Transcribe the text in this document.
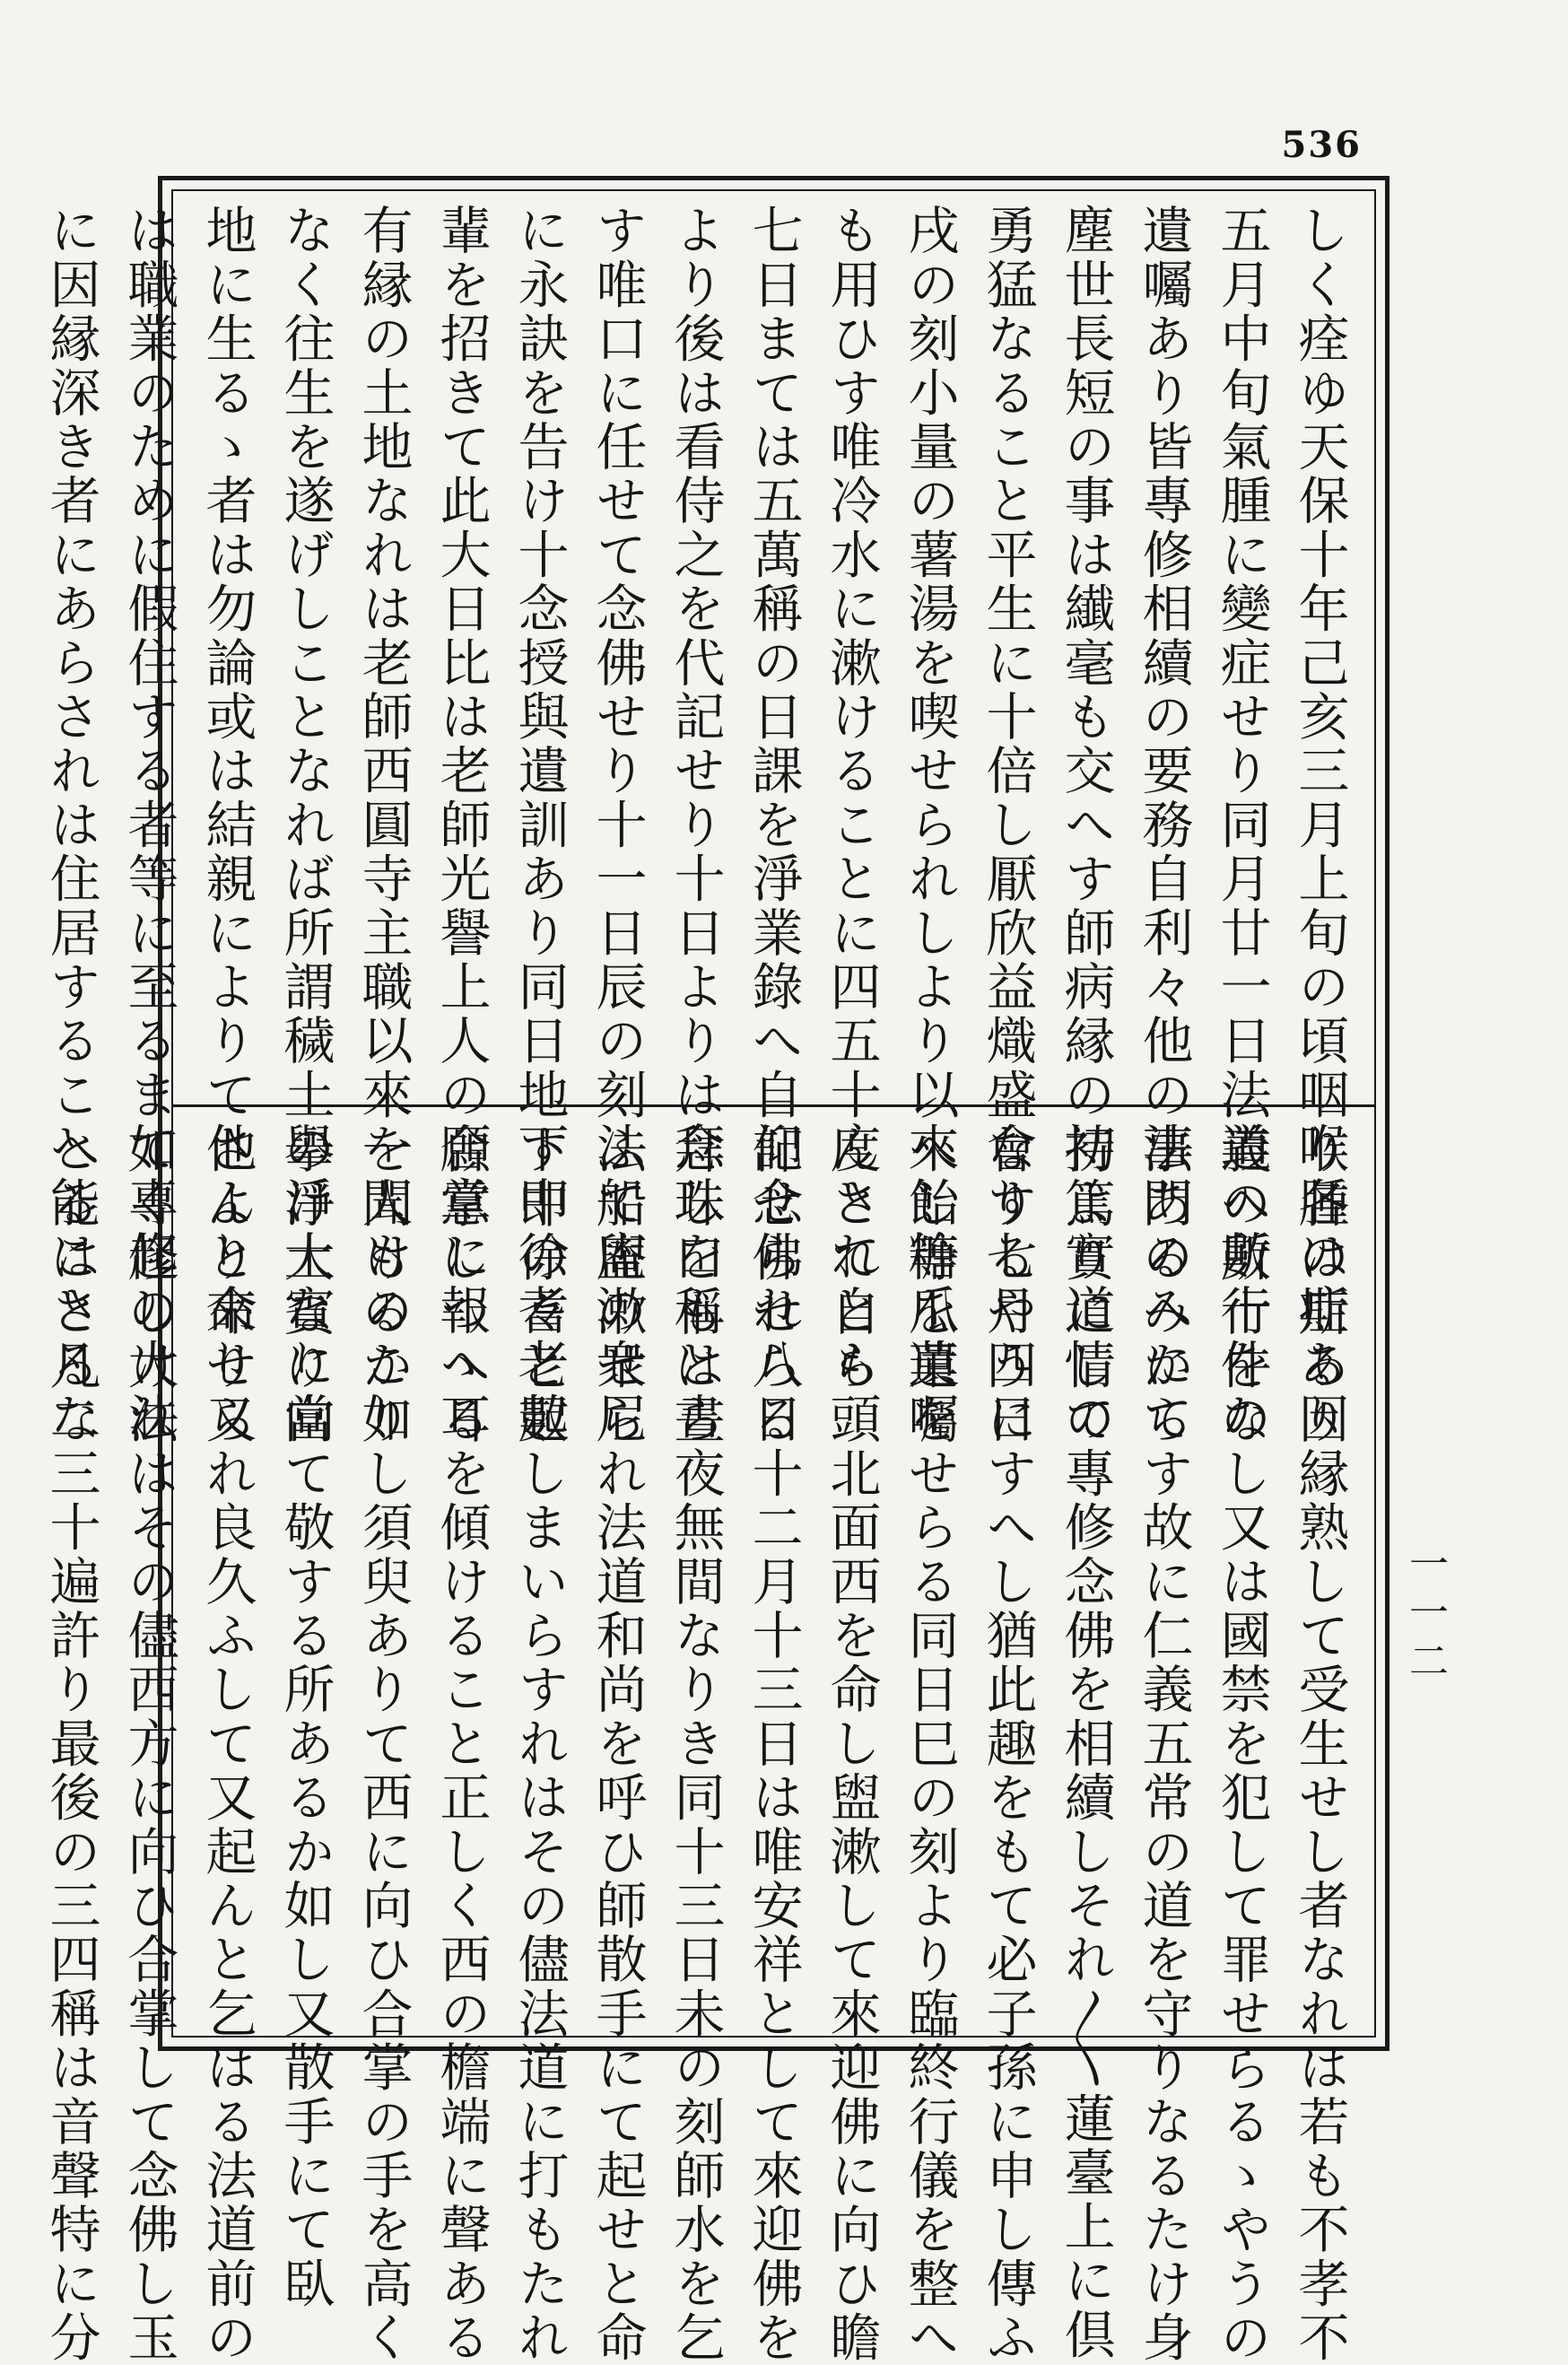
536
しく痊ゆ天保十年己亥三月上旬の頃咽喉腫の症あり
五月中旬氣腫に變症せり同月廿一日法道へ數十件の
遺囑あり皆專修相續の要務自利々他の法門のみにて
塵世長短の事は纎毫も交へす師病縁の初より道情の
勇猛なること平生に十倍し厭欣益熾盛なり七月四日
戌の刻小量の薯湯を喫せられしより以來飴糖瓜菓を
も用ひす唯冷水に漱けることに四五十度されとも
七日まては五萬稱の日課を淨業錄へ自記せられ八日
より後は看侍之を代記せり十日よりは念珠をもとら
す唯口に任せて念佛せり十一日辰の刻法船庵の衆尼
に永訣を告け十念授與遺訓あり同日地下中の耆老數
輩を招きて此大日比は老師光譽上人の願意に報へる
有縁の土地なれは老師西圓寺主職以來一人ものこり
なく往生を遂げしことなれば所謂穢土の淨土なり當
地に生るゝ者は勿論或は結親によりて他より來り又
は職業のために假住する者等に至るまて專修の大法
に因縁深き者にあらされは住居すること能はさるな
り各は斯る因縁熟して受生せし者なれは若も不孝不
義の所行をなし又は國禁を犯して罪せらるゝやうの
事あるへからす故に仁義五常の道を守りなるたけ身
持篤實にして專修念佛を相續しそれ〳〵蓮臺上に倶
會するやうにすへし猶此趣をもて必子孫に申し傳ふ
へし等を遺囑せらる同日巳の刻より臨終行儀を整へ
んとて自ら頭北面西を命し盥漱して來迎佛に向ひ瞻
仰念佛せらる十二月十三日は唯安祥として來迎佛を
拜し口稱は晝夜無間なりき同十三日未の刻師水を乞
ふて盥漱せられ法道和尚を呼ひ師散手にて起せと命
す即徐々と起しまいらすれはその儘法道に打もたれ
合掌しつゝ耳を傾けること正しく西の檐端に聲ある
を聞けるか如し須臾ありて西に向ひ合掌の手を高く
擧け大賓に向て敬する所あるか如し又散手にて臥
さんと命せられ良久ふして又起んと乞はる法道前の
如く起しけれはその儘西方に向ひ合掌して念佛し玉
へること凡二三十遍許り最後の三四稱は音聲特に分	一一二
